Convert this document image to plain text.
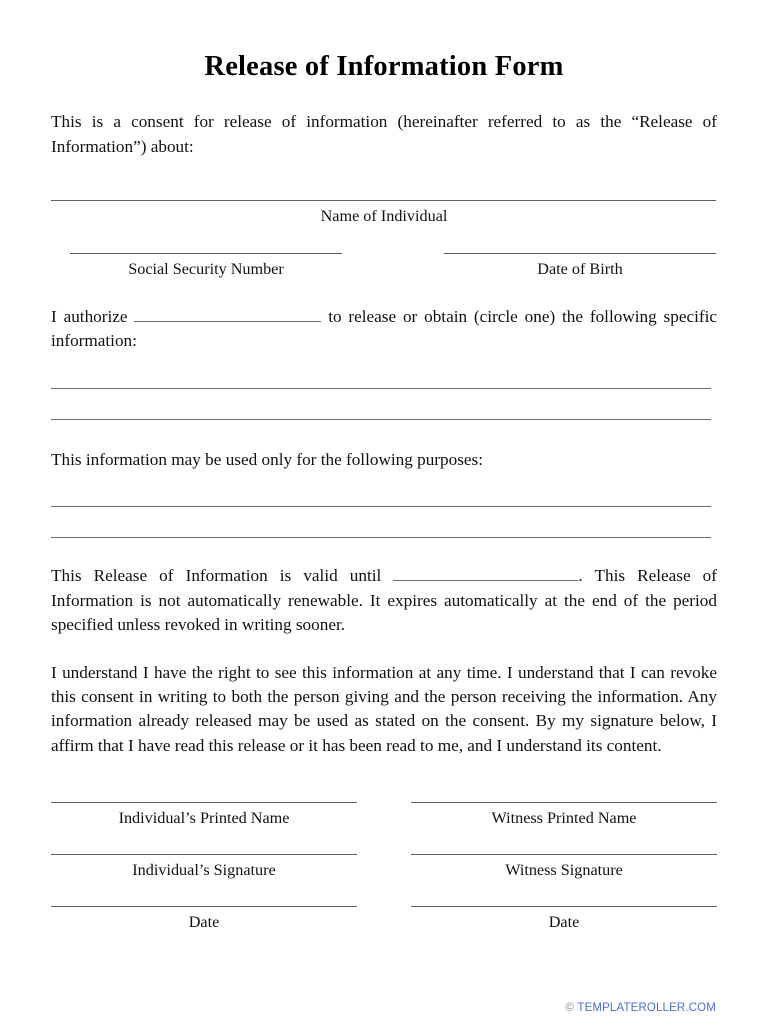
Release of Information Form

This is a consent for release of information (hereinafter referred to as the “Release of Information”) about:

Name of Individual
Social Security Number	Date of Birth

I authorize	to release or obtain (circle one) the following specific information:

This information may be used only for the following purposes:

This Release of Information is valid until	. This Release of Information is not automatically renewable. It expires automatically at the end of the period specified unless revoked in writing sooner.

I understand I have the right to see this information at any time. I understand that I can revoke this consent in writing to both the person giving and the person receiving the information. Any information already released may be used as stated on the consent. By my signature below, I affirm that I have read this release or it has been read to me, and I understand its content.

Individual’s Printed Name	Witness Printed Name
Individual’s Signature	Witness Signature
Date	Date
© TEMPLATEROLLER.COM
